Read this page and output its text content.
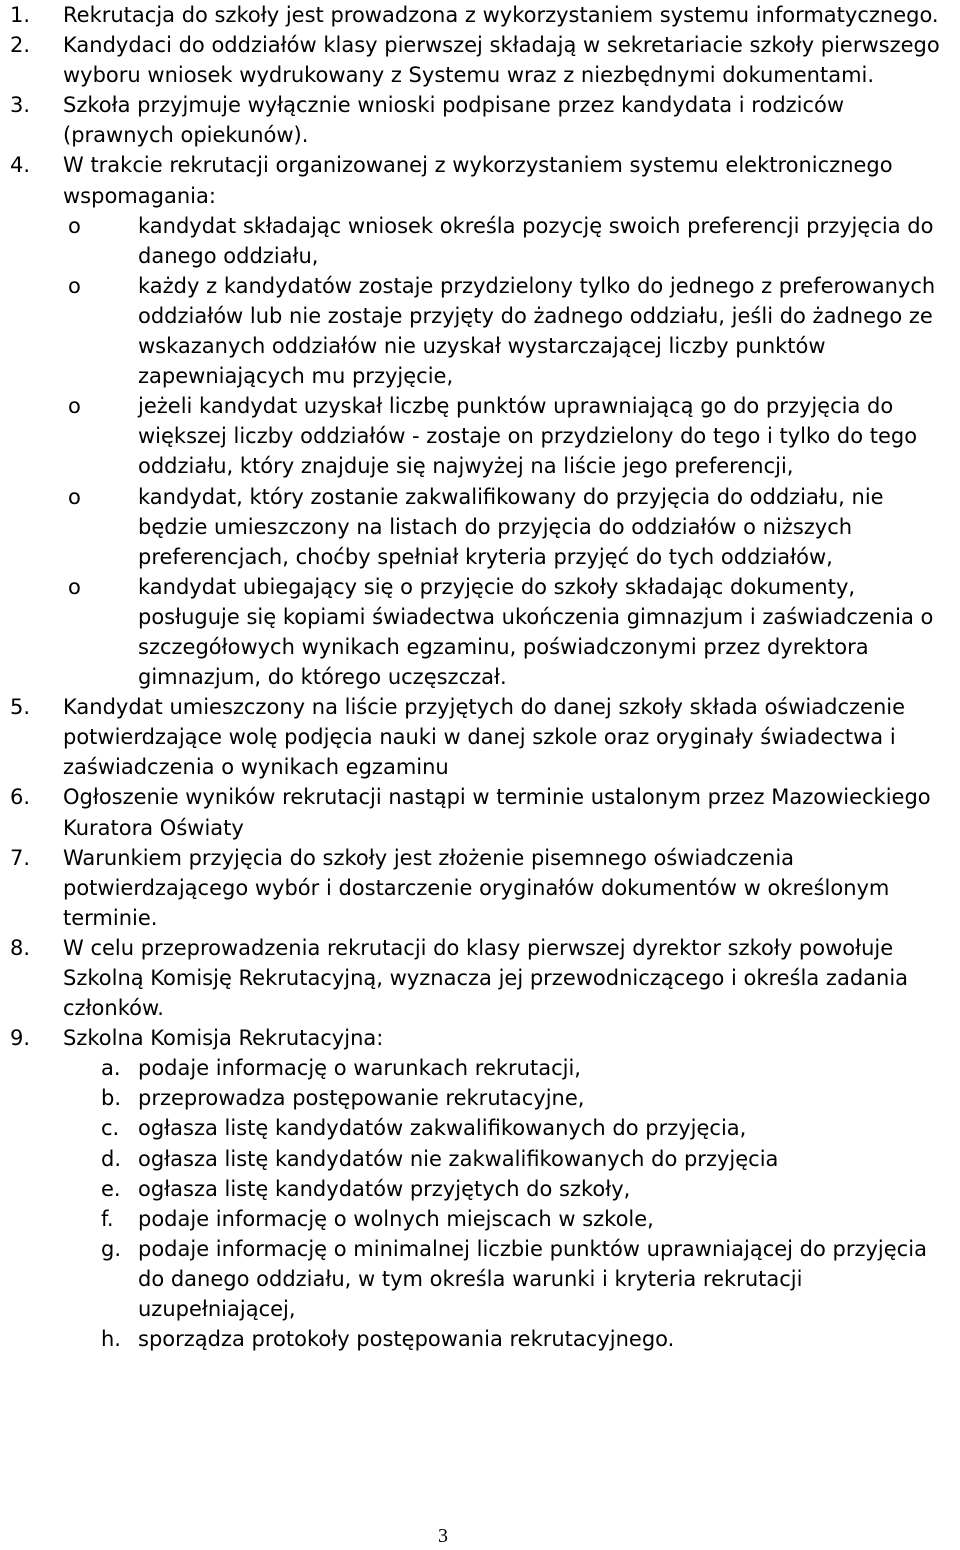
1. Rekrutacja do szkoły jest prowadzona z wykorzystaniem systemu informatycznego.
2. Kandydaci do oddziałów klasy pierwszej składają w sekretariacie szkoły pierwszego wyboru wniosek wydrukowany z Systemu wraz z niezbędnymi dokumentami.
3. Szkoła przyjmuje wyłącznie wnioski podpisane przez kandydata i rodziców (prawnych opiekunów).
4. W trakcie rekrutacji organizowanej z wykorzystaniem systemu elektronicznego wspomagania:
o	kandydat składając wniosek określa pozycję swoich preferencji przyjęcia do danego oddziału,
o	każdy z kandydatów zostaje przydzielony tylko do jednego z preferowanych oddziałów lub nie zostaje przyjęty do żadnego oddziału, jeśli do żadnego ze wskazanych oddziałów nie uzyskał wystarczającej liczby punktów zapewniających mu przyjęcie,
o	jeżeli kandydat uzyskał liczbę punktów uprawniającą go do przyjęcia do większej liczby oddziałów - zostaje on przydzielony do tego i tylko do tego oddziału, który znajduje się najwyżej na liście jego preferencji,
o	kandydat, który zostanie zakwalifikowany do przyjęcia do oddziału, nie będzie umieszczony na listach do przyjęcia do oddziałów o niższych preferencjach, choćby spełniał kryteria przyjęć do tych oddziałów,
o	kandydat ubiegający się o przyjęcie do szkoły składając dokumenty, posługuje się kopiami świadectwa ukończenia gimnazjum i zaświadczenia o szczegółowych wynikach egzaminu, poświadczonymi przez dyrektora gimnazjum, do którego uczęszczał.
5. Kandydat umieszczony na liście przyjętych do danej szkoły składa oświadczenie potwierdzające wolę podjęcia nauki w danej szkole oraz oryginały świadectwa i zaświadczenia o wynikach egzaminu
6. Ogłoszenie wyników rekrutacji nastąpi w terminie ustalonym przez Mazowieckiego Kuratora Oświaty
7. Warunkiem przyjęcia do szkoły jest złożenie pisemnego oświadczenia potwierdzającego wybór i dostarczenie oryginałów dokumentów w określonym terminie.
8. W celu przeprowadzenia rekrutacji do klasy pierwszej dyrektor szkoły powołuje Szkolną Komisję Rekrutacyjną, wyznacza jej przewodniczącego i określa zadania członków.
9. Szkolna Komisja Rekrutacyjna:
a. podaje informację o warunkach rekrutacji,
b. przeprowadza postępowanie rekrutacyjne,
c. ogłasza listę kandydatów zakwalifikowanych do przyjęcia,
d. ogłasza listę kandydatów nie zakwalifikowanych do przyjęcia
e. ogłasza listę kandydatów przyjętych do szkoły,
f. podaje informację o wolnych miejscach w szkole,
g. podaje informację o minimalnej liczbie punktów uprawniającej do przyjęcia do danego oddziału, w tym określa warunki i kryteria rekrutacji uzupełniającej,
h. sporządza protokoły postępowania rekrutacyjnego.
3
